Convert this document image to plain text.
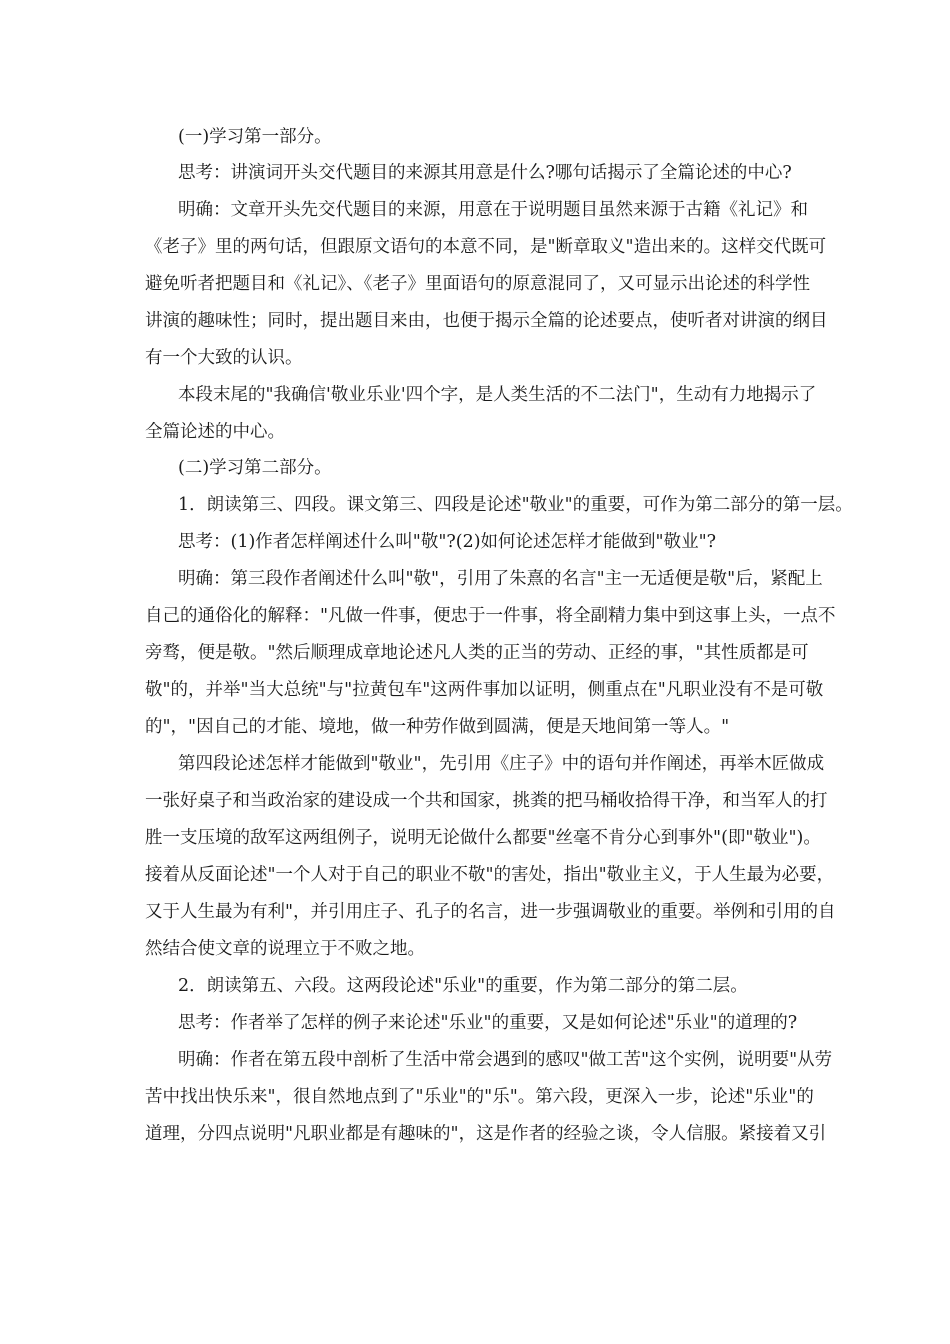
(一)学习第一部分。
思考：讲演词开头交代题目的来源其用意是什么?哪句话揭示了全篇论述的中心?
明确：文章开头先交代题目的来源，用意在于说明题目虽然来源于古籍《礼记》和
《老子》里的两句话，但跟原文语句的本意不同，是"断章取义"造出来的。这样交代既可
避免听者把题目和《礼记》、《老子》里面语句的原意混同了，又可显示出论述的科学性
讲演的趣味性；同时，提出题目来由，也便于揭示全篇的论述要点，使听者对讲演的纲目
有一个大致的认识。
本段末尾的"我确信'敬业乐业'四个字，是人类生活的不二法门"，生动有力地揭示了
全篇论述的中心。
(二)学习第二部分。
1．朗读第三、四段。课文第三、四段是论述"敬业"的重要，可作为第二部分的第一层。
思考：(1)作者怎样阐述什么叫"敬"?(2)如何论述怎样才能做到"敬业"?
明确：第三段作者阐述什么叫"敬"，引用了朱熹的名言"主一无适便是敬"后，紧配上
自己的通俗化的解释："凡做一件事，便忠于一件事，将全副精力集中到这事上头，一点不
旁骛，便是敬。"然后顺理成章地论述凡人类的正当的劳动、正经的事，"其性质都是可
敬"的，并举"当大总统"与"拉黄包车"这两件事加以证明，侧重点在"凡职业没有不是可敬
的"，"因自己的才能、境地，做一种劳作做到圆满，便是天地间第一等人。"
第四段论述怎样才能做到"敬业"，先引用《庄子》中的语句并作阐述，再举木匠做成
一张好桌子和当政治家的建设成一个共和国家，挑粪的把马桶收拾得干净，和当军人的打
胜一支压境的敌军这两组例子，说明无论做什么都要"丝毫不肯分心到事外"(即"敬业")。
接着从反面论述"一个人对于自己的职业不敬"的害处，指出"敬业主义，于人生最为必要，
又于人生最为有利"，并引用庄子、孔子的名言，进一步强调敬业的重要。举例和引用的自
然结合使文章的说理立于不败之地。
2．朗读第五、六段。这两段论述"乐业"的重要，作为第二部分的第二层。
思考：作者举了怎样的例子来论述"乐业"的重要，又是如何论述"乐业"的道理的?
明确：作者在第五段中剖析了生活中常会遇到的感叹"做工苦"这个实例，说明要"从劳
苦中找出快乐来"，很自然地点到了"乐业"的"乐"。第六段，更深入一步，论述"乐业"的
道理，分四点说明"凡职业都是有趣味的"，这是作者的经验之谈，令人信服。紧接着又引
